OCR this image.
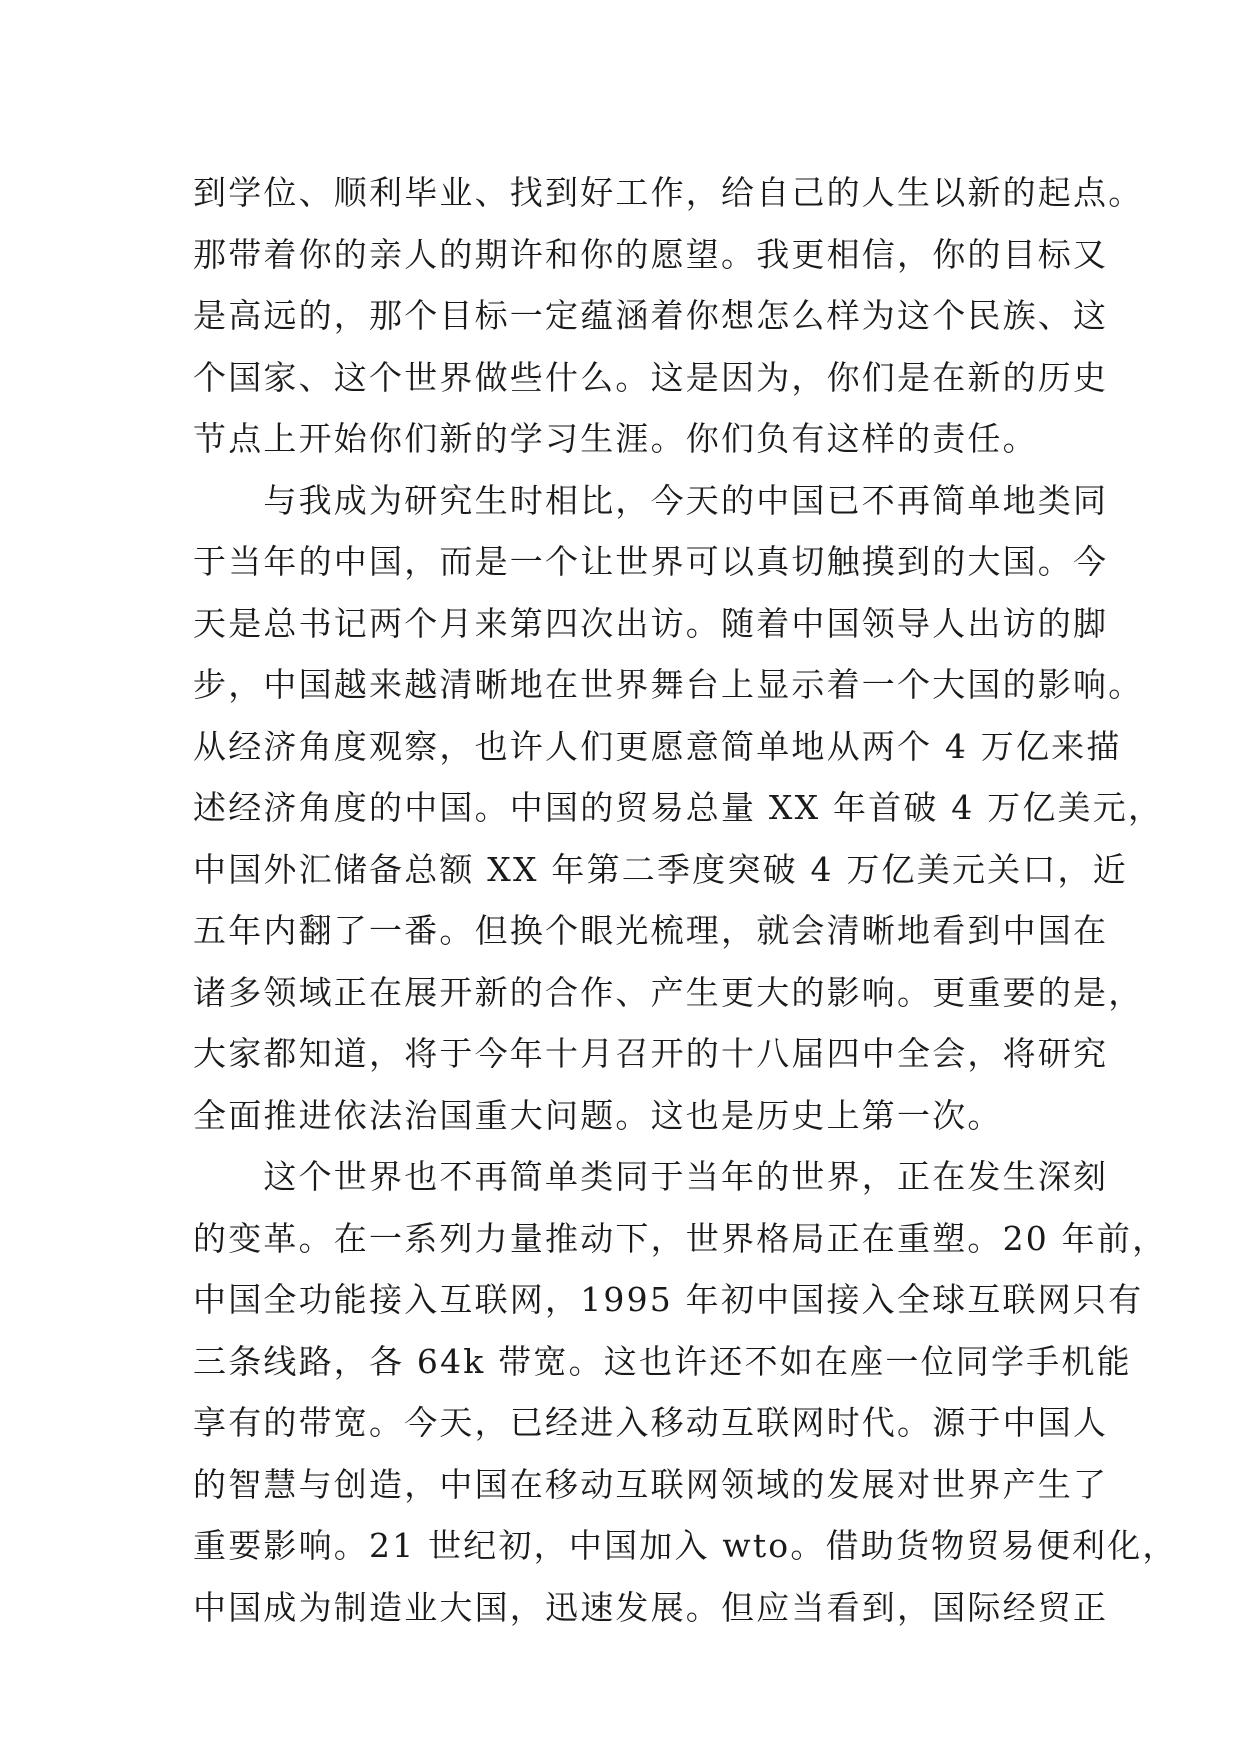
到学位、顺利毕业、找到好工作，给自己的人生以新的起点。
那带着你的亲人的期许和你的愿望。我更相信，你的目标又
是高远的，那个目标一定蕴涵着你想怎么样为这个民族、这
个国家、这个世界做些什么。这是因为，你们是在新的历史
节点上开始你们新的学习生涯。你们负有这样的责任。
　　与我成为研究生时相比，今天的中国已不再简单地类同
于当年的中国，而是一个让世界可以真切触摸到的大国。今
天是总书记两个月来第四次出访。随着中国领导人出访的脚
步，中国越来越清晰地在世界舞台上显示着一个大国的影响。
从经济角度观察，也许人们更愿意简单地从两个 4 万亿来描
述经济角度的中国。中国的贸易总量 XX 年首破 4 万亿美元，
中国外汇储备总额 XX 年第二季度突破 4 万亿美元关口，近
五年内翻了一番。但换个眼光梳理，就会清晰地看到中国在
诸多领域正在展开新的合作、产生更大的影响。更重要的是，
大家都知道，将于今年十月召开的十八届四中全会，将研究
全面推进依法治国重大问题。这也是历史上第一次。
　　这个世界也不再简单类同于当年的世界，正在发生深刻
的变革。在一系列力量推动下，世界格局正在重塑。20 年前，
中国全功能接入互联网，1995 年初中国接入全球互联网只有
三条线路，各 64k 带宽。这也许还不如在座一位同学手机能
享有的带宽。今天，已经进入移动互联网时代。源于中国人
的智慧与创造，中国在移动互联网领域的发展对世界产生了
重要影响。21 世纪初，中国加入 wto。借助货物贸易便利化，
中国成为制造业大国，迅速发展。但应当看到，国际经贸正
